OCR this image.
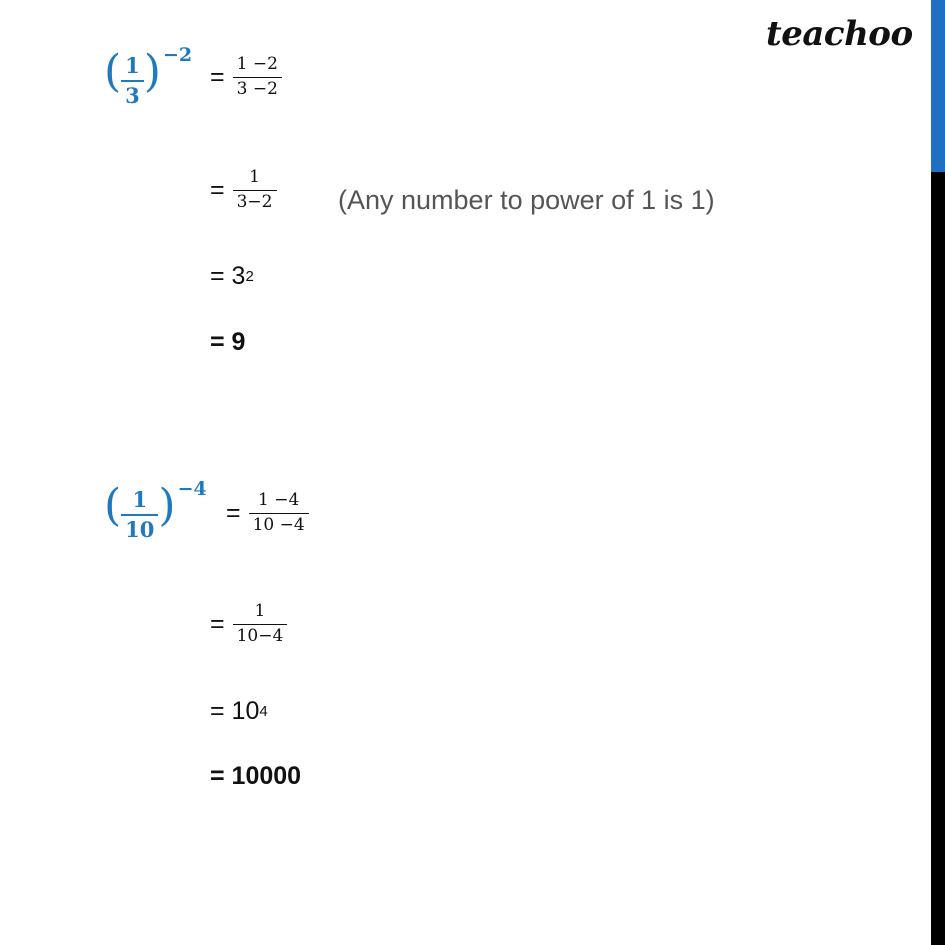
teachoo
( $\frac{1}{3}$ ) −2
= $\frac{1 -2}{3 -2}$
= $\frac{1}{3-2} (Any$ number to power of 1 is 1)
= 3 2
= 9
( $\frac{1}{10}$ ) −4
= $\frac{1 -4}{10 -4}$
= $\frac{1}{10-4}$
= 10 4
= 10000
